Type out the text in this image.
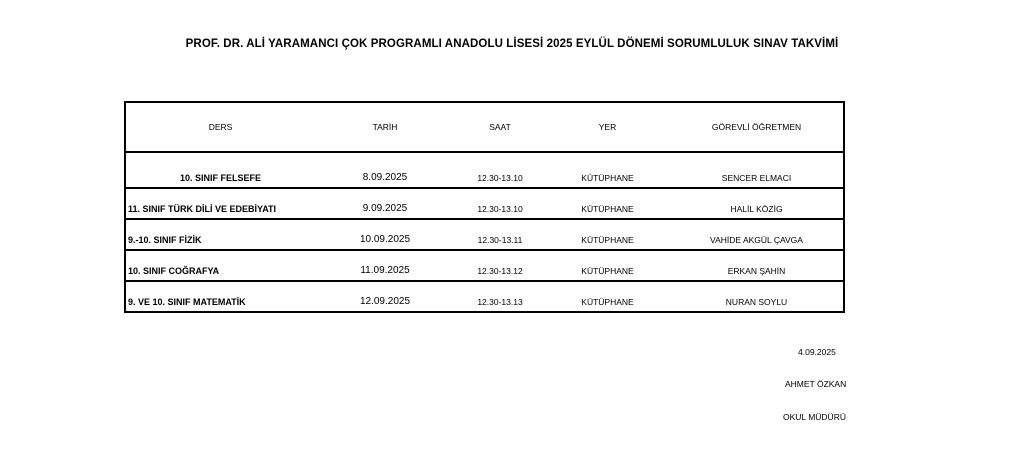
PROF. DR. ALİ YARAMANCI ÇOK PROGRAMLI ANADOLU LİSESİ 2025 EYLÜL DÖNEMİ SORUMLULUK SINAV TAKVİMİ
DERS	TARİH	SAAT	YER	GÖREVLİ ÖĞRETMEN
10. SINIF FELSEFE	8.09.2025	12.30-13.10	KÜTÜPHANE	SENCER ELMACI
11. SINIF TÜRK DİLİ VE EDEBİYATI	9.09.2025	12.30-13.10	KÜTÜPHANE	HALİL KÖZİG
9.-10. SINIF FİZİK	10.09.2025	12.30-13.11	KÜTÜPHANE	VAHİDE AKGÜL ÇAVGA
10. SINIF COĞRAFYA	11.09.2025	12.30-13.12	KÜTÜPHANE	ERKAN ŞAHİN
9. VE 10. SINIF MATEMATİK	12.09.2025	12.30-13.13	KÜTÜPHANE	NURAN SOYLU
4.09.2025
AHMET ÖZKAN
OKUL MÜDÜRÜ
